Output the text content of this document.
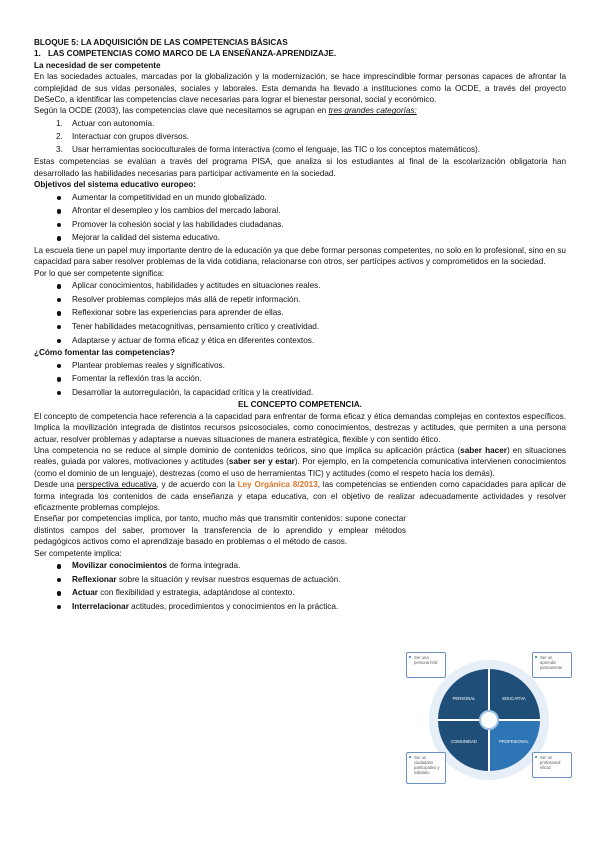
BLOQUE 5: LA ADQUISICIÓN DE LAS COMPETENCIAS BÁSICAS

1. LAS COMPETENCIAS COMO MARCO DE LA ENSEÑANZA-APRENDIZAJE.

La necesidad de ser competente

En las sociedades actuales, marcadas por la globalización y la modernización, se hace imprescindible formar personas capaces de afrontar la complejidad de sus vidas personales, sociales y laborales. Esta demanda ha llevado a instituciones como la OCDE, a través del proyecto DeSeCo, a identificar las competencias clave necesarias para lograr el bienestar personal, social y económico.

Según la OCDE (2003), las competencias clave que necesitamos se agrupan en tres grandes categorías:

1. Actuar con autonomía.
2. Interactuar con grupos diversos.
3. Usar herramientas socioculturales de forma interactiva (como el lenguaje, las TIC o los conceptos matemáticos).

Estas competencias se evalúan a través del programa PISA, que analiza si los estudiantes al final de la escolarización obligatoria han desarrollado las habilidades necesarias para participar activamente en la sociedad.

Objetivos del sistema educativo europeo:

Aumentar la competitividad en un mundo globalizado.
Afrontar el desempleo y los cambios del mercado laboral.
Promover la cohesión social y las habilidades ciudadanas.
Mejorar la calidad del sistema educativo.

La escuela tiene un papel muy importante dentro de la educación ya que debe formar personas competentes, no solo en lo profesional, sino en su capacidad para saber resolver problemas de la vida cotidiana, relacionarse con otros, ser partícipes activos y comprometidos en la sociedad.

Por lo que ser competente significa:

Aplicar conocimientos, habilidades y actitudes en situaciones reales.
Resolver problemas complejos más allá de repetir información.
Reflexionar sobre las experiencias para aprender de ellas.
Tener habilidades metacognitivas, pensamiento crítico y creatividad.
Adaptarse y actuar de forma eficaz y ética en diferentes contextos.

¿Cómo fomentar las competencias?

Plantear problemas reales y significativos.
Fomentar la reflexión tras la acción.
Desarrollar la autorregulación, la capacidad crítica y la creatividad.

EL CONCEPTO COMPETENCIA.

El concepto de competencia hace referencia a la capacidad para enfrentar de forma eficaz y ética demandas complejas en contextos específicos. Implica la movilización integrada de distintos recursos psicosociales, como conocimientos, destrezas y actitudes, que permiten a una persona actuar, resolver problemas y adaptarse a nuevas situaciones de manera estratégica, flexible y con sentido ético.

Una competencia no se reduce al simple dominio de contenidos teóricos, sino que implica su aplicación práctica (saber hacer) en situaciones reales, guiada por valores, motivaciones y actitudes (saber ser y estar). Por ejemplo, en la competencia comunicativa intervienen conocimientos (como el dominio de un lenguaje), destrezas (como el uso de herramientas TIC) y actitudes (como el respeto hacia los demás).

Desde una perspectiva educativa, y de acuerdo con la Ley Orgánica 8/2013, las competencias se entienden como capacidades para aplicar de forma integrada los contenidos de cada enseñanza y etapa educativa, con el objetivo de realizar adecuadamente actividades y resolver eficazmente problemas complejos.

Enseñar por competencias implica, por tanto, mucho más que transmitir contenidos: supone conectar distintos campos del saber, promover la transferencia de lo aprendido y emplear métodos pedagógicos activos como el aprendizaje basado en problemas o el método de casos.

Ser competente implica:

Movilizar conocimientos de forma integrada.
Reflexionar sobre la situación y revisar nuestros esquemas de actuación.
Actuar con flexibilidad y estrategia, adaptándose al contexto.
Interrelacionar actitudes, procedimientos y conocimientos en la práctica.
PERSONAL	EDUCATIVA
COMUNIDAD	PROFESIONAL
Ser una persona feliz
Ser un aprendiz permanente
Ser un ciudadano participativo y solidario
Ser un profesional eficaz
